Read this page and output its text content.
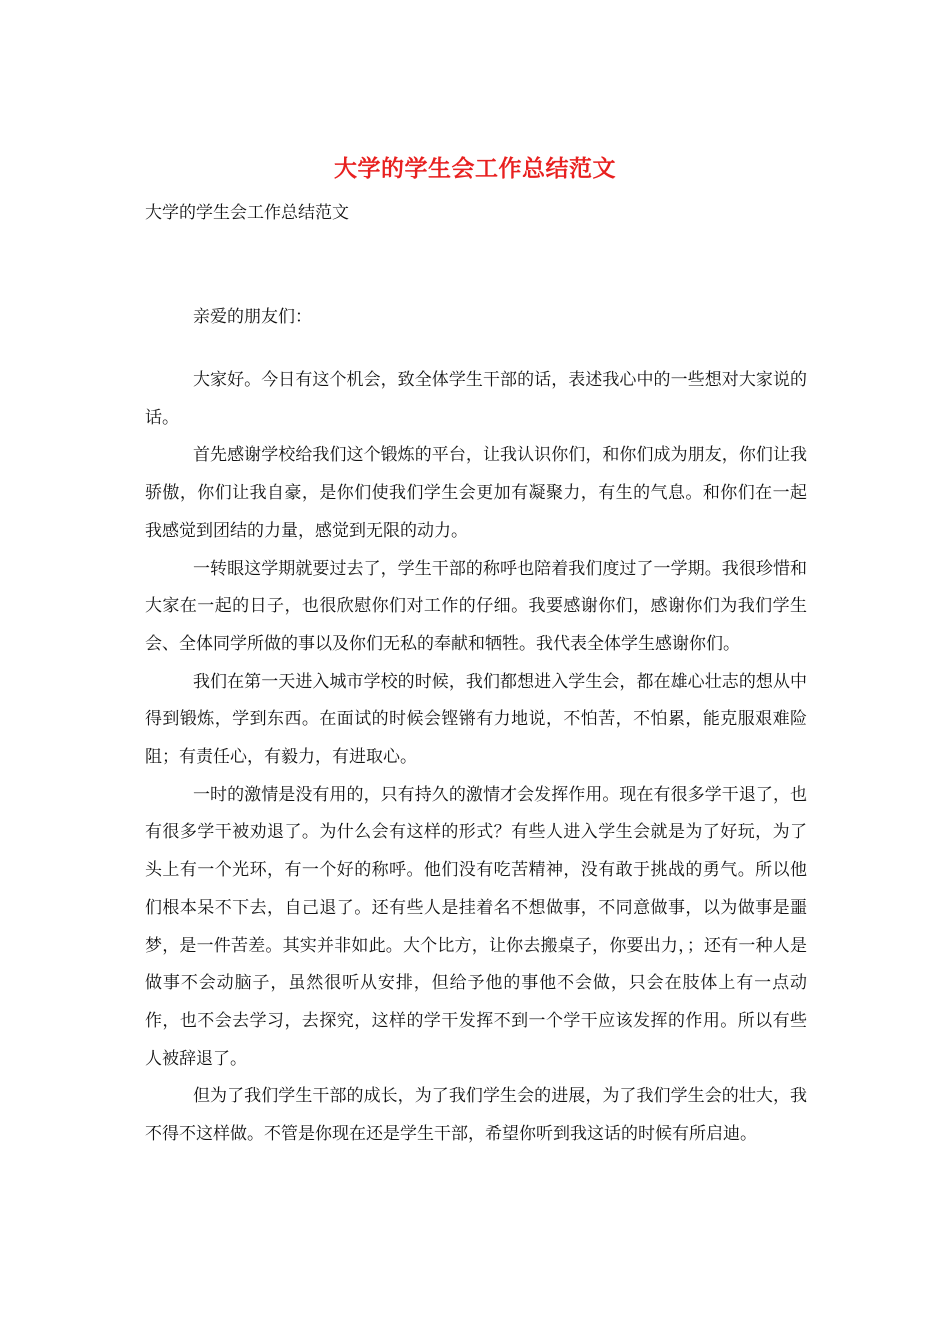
大学的学生会工作总结范文

大学的学生会工作总结范文

亲爱的朋友们：

大家好。今日有这个机会，致全体学生干部的话，表述我心中的一些想对大家说的话。

首先感谢学校给我们这个锻炼的平台，让我认识你们，和你们成为朋友，你们让我骄傲，你们让我自豪，是你们使我们学生会更加有凝聚力，有生的气息。和你们在一起我感觉到团结的力量，感觉到无限的动力。

一转眼这学期就要过去了，学生干部的称呼也陪着我们度过了一学期。我很珍惜和大家在一起的日子，也很欣慰你们对工作的仔细。我要感谢你们，感谢你们为我们学生会、全体同学所做的事以及你们无私的奉献和牺牲。我代表全体学生感谢你们。

我们在第一天进入城市学校的时候，我们都想进入学生会，都在雄心壮志的想从中得到锻炼，学到东西。在面试的时候会铿锵有力地说，不怕苦，不怕累，能克服艰难险阻；有责任心，有毅力，有进取心。

一时的激情是没有用的，只有持久的激情才会发挥作用。现在有很多学干退了，也有很多学干被劝退了。为什么会有这样的形式？有些人进入学生会就是为了好玩，为了头上有一个光环，有一个好的称呼。他们没有吃苦精神，没有敢于挑战的勇气。所以他们根本呆不下去，自己退了。还有些人是挂着名不想做事，不同意做事，以为做事是噩梦，是一件苦差。其实并非如此。大个比方，让你去搬桌子，你要出力，；还有一种人是做事不会动脑子，虽然很听从安排，但给予他的事他不会做，只会在肢体上有一点动作，也不会去学习，去探究，这样的学干发挥不到一个学干应该发挥的作用。所以有些人被辞退了。

但为了我们学生干部的成长，为了我们学生会的进展，为了我们学生会的壮大，我不得不这样做。不管是你现在还是学生干部，希望你听到我这话的时候有所启迪。
